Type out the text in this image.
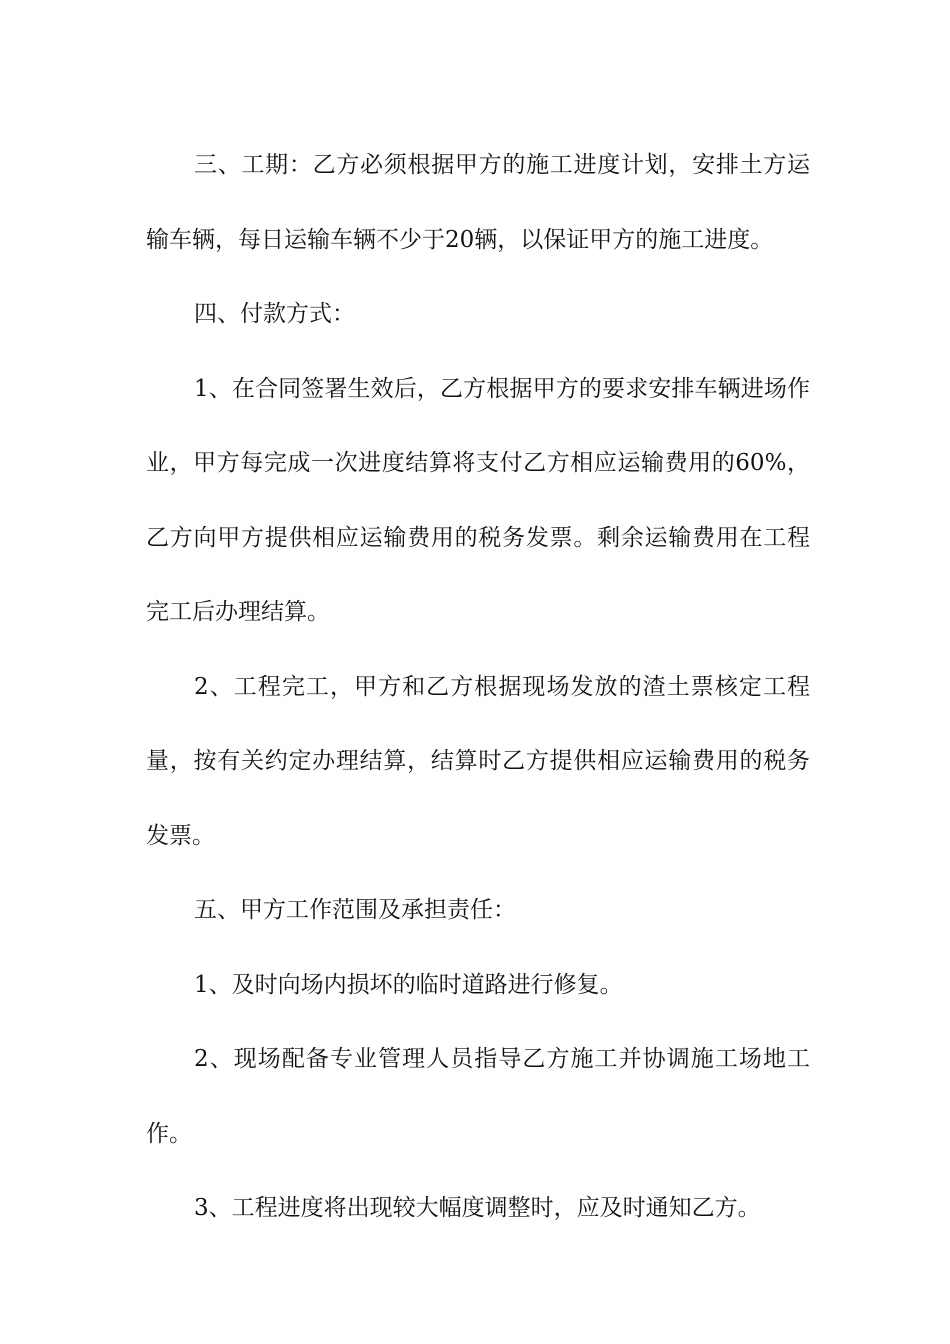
三、工期：乙方必须根据甲方的施工进度计划，安排土方运输车辆，每日运输车辆不少于20辆，以保证甲方的施工进度。

四、付款方式：

1、在合同签署生效后，乙方根据甲方的要求安排车辆进场作业，甲方每完成一次进度结算将支付乙方相应运输费用的60%，乙方向甲方提供相应运输费用的税务发票。剩余运输费用在工程完工后办理结算。

2、工程完工，甲方和乙方根据现场发放的渣土票核定工程量，按有关约定办理结算，结算时乙方提供相应运输费用的税务发票。

五、甲方工作范围及承担责任：

1、及时向场内损坏的临时道路进行修复。

2、现场配备专业管理人员指导乙方施工并协调施工场地工作。

3、工程进度将出现较大幅度调整时，应及时通知乙方。
